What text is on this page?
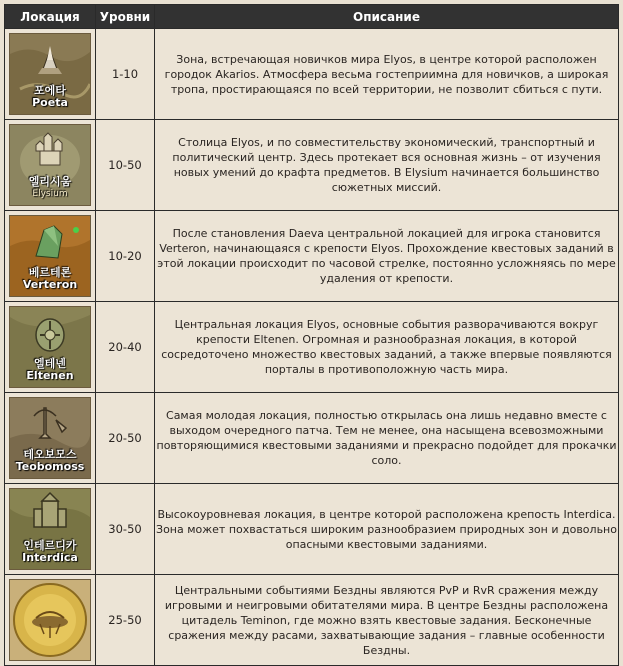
Локация	Уровни	Описание

포에타
Poeta	1-10	Зона, встречающая новичков мира Elyos, в центре которой расположен городок Akarios. Атмосфера весьма гостеприимна для новичков, а широкая тропа, простирающаяся по всей территории, не позволит сбиться с пути.

엘리시움
Elysium	10-50	Столица Elyos, и по совместительству экономический, транспортный и политический центр. Здесь протекает вся основная жизнь – от изучения новых умений до крафта предметов. В Elysium начинается большинство сюжетных миссий.

베르테론
Verteron	10-20	После становления Daeva центральной локацией для игрока становится Verteron, начинающаяся с крепости Elyos. Прохождение квестовых заданий в этой локации происходит по часовой стрелке, постоянно усложняясь по мере удаления от крепости.

엘테넨
Eltenen	20-40	Центральная локация Elyos, основные события разворачиваются вокруг крепости Eltenen. Огромная и разнообразная локация, в которой сосредоточено множество квестовых заданий, а также впервые появляются порталы в противоположную часть мира.

테오보모스
Teobomoss	20-50	Самая молодая локация, полностью открылась она лишь недавно вместе с выходом очередного патча. Тем не менее, она насыщена всевозможными повторяющимися квестовыми заданиями и прекрасно подойдет для прокачки соло.

인테르디카
Interdica	30-50	Высокоуровневая локация, в центре которой расположена крепость Interdica. Зона может похвастаться широким разнообразием природных зон и довольно опасными квестовыми заданиями.

	25-50	Центральными событиями Бездны являются PvP и RvR сражения между игровыми и неигровыми обитателями мира. В центре Бездны расположена цитадель Teminon, где можно взять квестовые задания. Бесконечные сражения между расами, захватывающие задания – главные особенности Бездны.
